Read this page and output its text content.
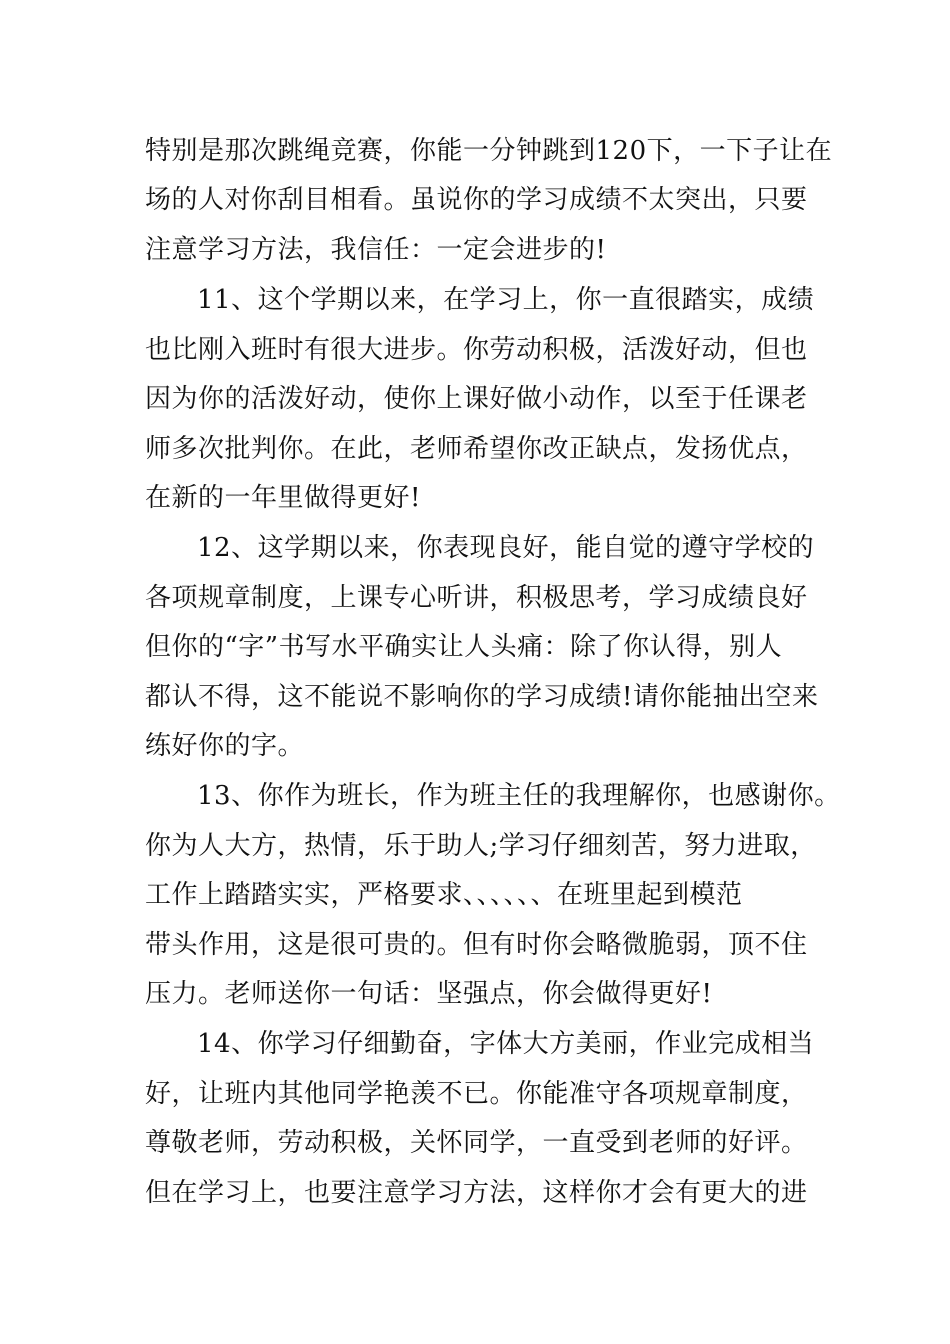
特别是那次跳绳竞赛，你能一分钟跳到120下，一下子让在
场的人对你刮目相看。虽说你的学习成绩不太突出，只要
注意学习方法，我信任：一定会进步的!
11、这个学期以来，在学习上，你一直很踏实，成绩
也比刚入班时有很大进步。你劳动积极，活泼好动，但也
因为你的活泼好动，使你上课好做小动作，以至于任课老
师多次批判你。在此，老师希望你改正缺点，发扬优点，
在新的一年里做得更好!
12、这学期以来，你表现良好，能自觉的遵守学校的
各项规章制度，上课专心听讲，积极思考，学习成绩良好
但你的“字”书写水平确实让人头痛：除了你认得，别人
都认不得，这不能说不影响你的学习成绩!请你能抽出空来
练好你的字。
13、你作为班长，作为班主任的我理解你，也感谢你。
你为人大方，热情，乐于助人;学习仔细刻苦，努力进取，
工作上踏踏实实，严格要求、、、、、、在班里起到模范
带头作用，这是很可贵的。但有时你会略微脆弱，顶不住
压力。老师送你一句话：坚强点，你会做得更好!
14、你学习仔细勤奋，字体大方美丽，作业完成相当
好，让班内其他同学艳羡不已。你能准守各项规章制度，
尊敬老师，劳动积极，关怀同学，一直受到老师的好评。
但在学习上，也要注意学习方法，这样你才会有更大的进
